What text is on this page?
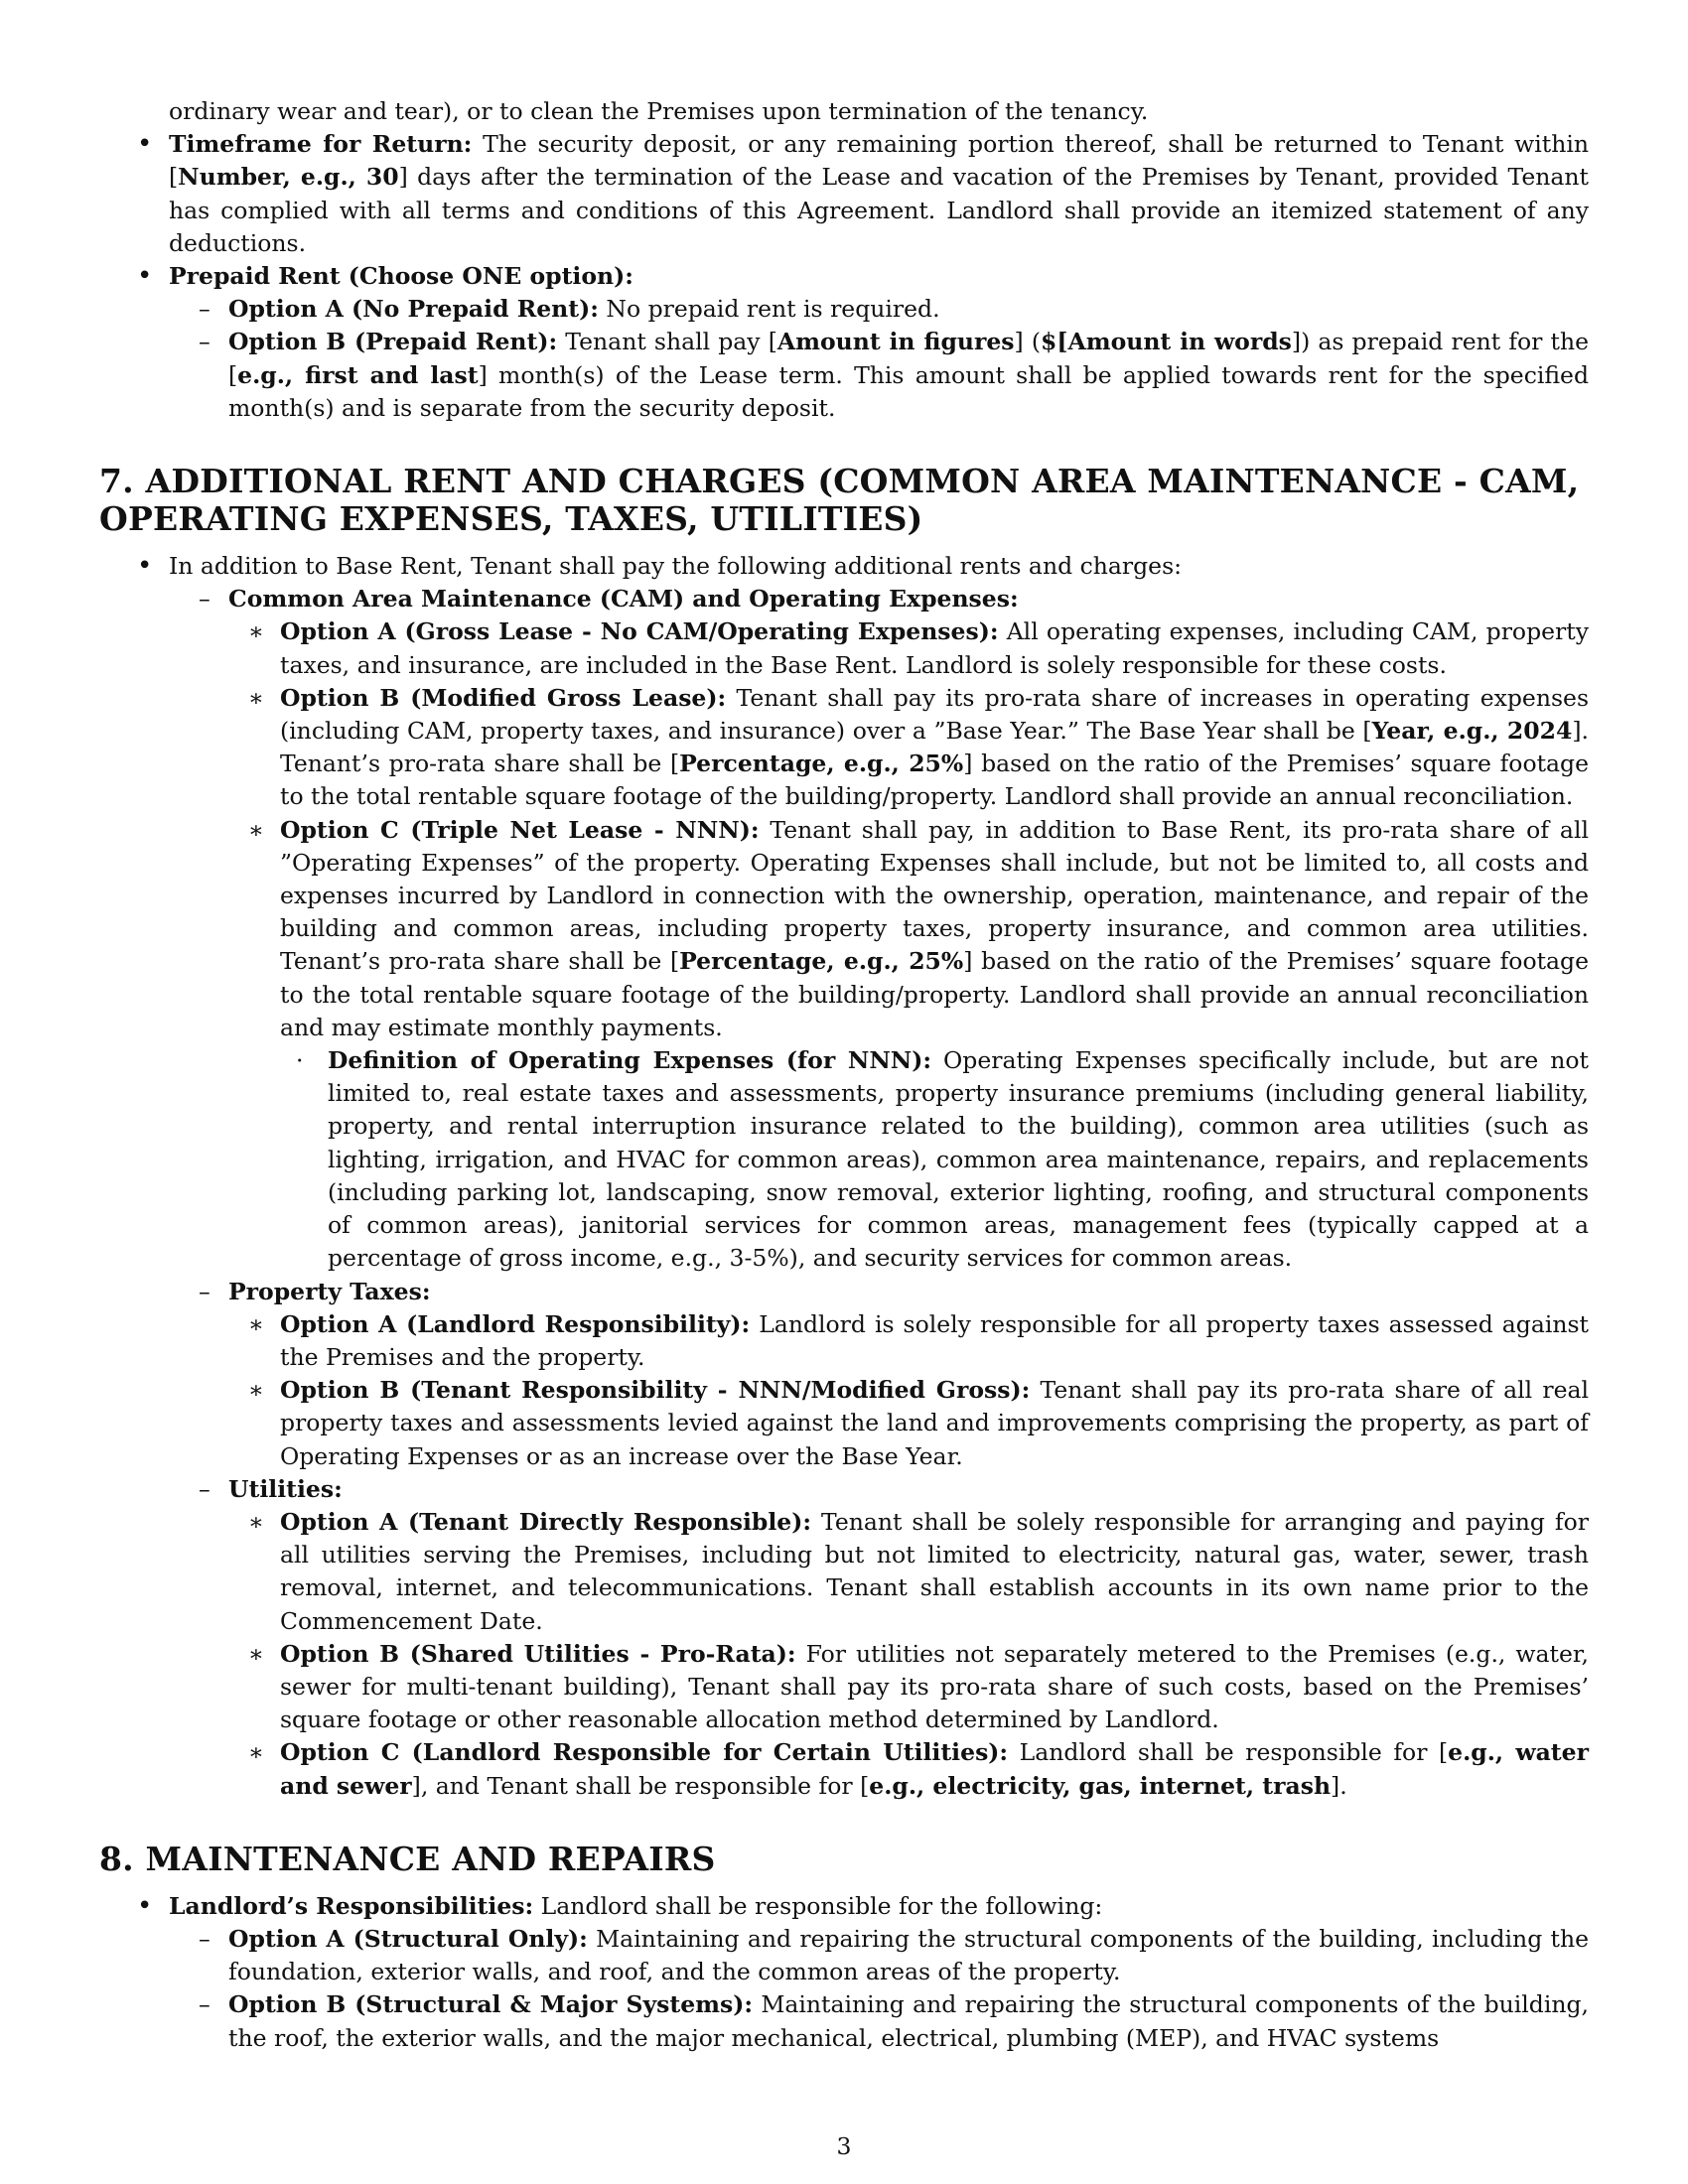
ordinary wear and tear), or to clean the Premises upon termination of the tenancy.

• Timeframe for Return: The security deposit, or any remaining portion thereof, shall be returned to Tenant within [Number, e.g., 30] days after the termination of the Lease and vacation of the Premises by Tenant, provided Tenant has complied with all terms and conditions of this Agreement. Landlord shall provide an itemized statement of any deductions.
• Prepaid Rent (Choose ONE option):
– Option A (No Prepaid Rent): No prepaid rent is required.
– Option B (Prepaid Rent): Tenant shall pay [Amount in figures] ($[Amount in words]) as prepaid rent for the [e.g., first and last] month(s) of the Lease term. This amount shall be applied towards rent for the specified month(s) and is separate from the security deposit.
7. ADDITIONAL RENT AND CHARGES (COMMON AREA MAINTENANCE - CAM, OPERATING EXPENSES, TAXES, UTILITIES)
• In addition to Base Rent, Tenant shall pay the following additional rents and charges:
– Common Area Maintenance (CAM) and Operating Expenses:
∗ Option A (Gross Lease - No CAM/Operating Expenses): All operating expenses, including CAM, property taxes, and insurance, are included in the Base Rent. Landlord is solely responsible for these costs.
∗ Option B (Modified Gross Lease): Tenant shall pay its pro-rata share of increases in operating expenses (including CAM, property taxes, and insurance) over a ”Base Year.” The Base Year shall be [Year, e.g., 2024]. Tenant’s pro-rata share shall be [Percentage, e.g., 25%] based on the ratio of the Premises’ square footage to the total rentable square footage of the building/property. Landlord shall provide an annual reconciliation.
∗ Option C (Triple Net Lease - NNN): Tenant shall pay, in addition to Base Rent, its pro-rata share of all ”Operating Expenses” of the property. Operating Expenses shall include, but not be limited to, all costs and expenses incurred by Landlord in connection with the ownership, operation, maintenance, and repair of the building and common areas, including property taxes, property insurance, and common area utilities. Tenant’s pro-rata share shall be [Percentage, e.g., 25%] based on the ratio of the Premises’ square footage to the total rentable square footage of the building/property. Landlord shall provide an annual reconciliation and may estimate monthly payments.
· Definition of Operating Expenses (for NNN): Operating Expenses specifically include, but are not limited to, real estate taxes and assessments, property insurance premiums (including general liability, property, and rental interruption insurance related to the building), common area utilities (such as lighting, irrigation, and HVAC for common areas), common area maintenance, repairs, and replacements (including parking lot, landscaping, snow removal, exterior lighting, roofing, and structural components of common areas), janitorial services for common areas, management fees (typically capped at a percentage of gross income, e.g., 3-5%), and security services for common areas.
– Property Taxes:
∗ Option A (Landlord Responsibility): Landlord is solely responsible for all property taxes assessed against the Premises and the property.
∗ Option B (Tenant Responsibility - NNN/Modified Gross): Tenant shall pay its pro-rata share of all real property taxes and assessments levied against the land and improvements comprising the property, as part of Operating Expenses or as an increase over the Base Year.
– Utilities:
∗ Option A (Tenant Directly Responsible): Tenant shall be solely responsible for arranging and paying for all utilities serving the Premises, including but not limited to electricity, natural gas, water, sewer, trash removal, internet, and telecommunications. Tenant shall establish accounts in its own name prior to the Commencement Date.
∗ Option B (Shared Utilities - Pro-Rata): For utilities not separately metered to the Premises (e.g., water, sewer for multi-tenant building), Tenant shall pay its pro-rata share of such costs, based on the Premises’ square footage or other reasonable allocation method determined by Landlord.
∗ Option C (Landlord Responsible for Certain Utilities): Landlord shall be responsible for [e.g., water and sewer], and Tenant shall be responsible for [e.g., electricity, gas, internet, trash].
8. MAINTENANCE AND REPAIRS
• Landlord’s Responsibilities: Landlord shall be responsible for the following:
– Option A (Structural Only): Maintaining and repairing the structural components of the building, including the foundation, exterior walls, and roof, and the common areas of the property.
– Option B (Structural & Major Systems): Maintaining and repairing the structural components of the building, the roof, the exterior walls, and the major mechanical, electrical, plumbing (MEP), and HVAC systems
3
